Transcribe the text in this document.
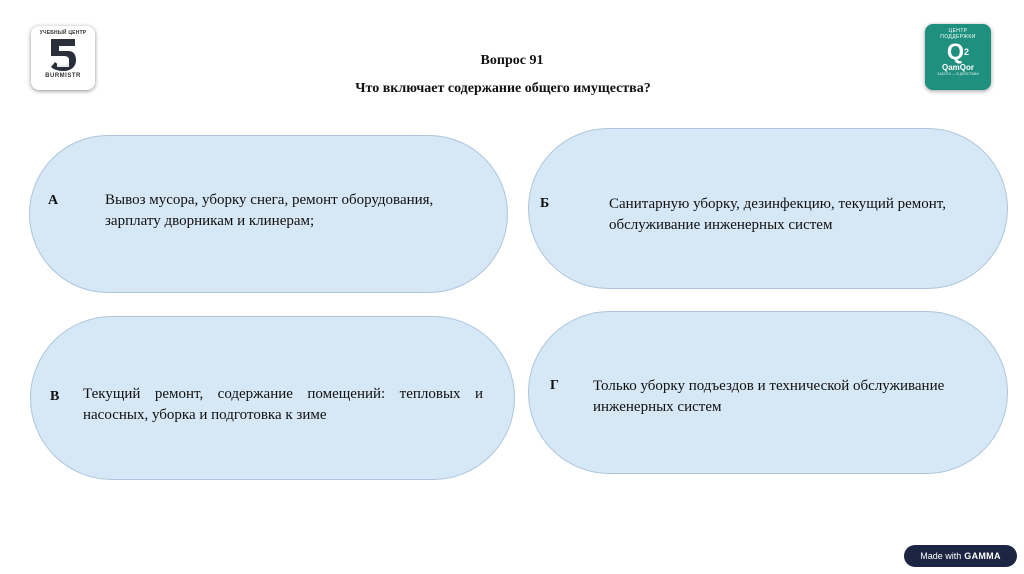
УЧЕБНЫЙ ЦЕНТР
BURMISTR
ЦЕНТР
ПОДДЕРЖКИ
$Q^2$
QamQor
ЗАБОТА — В ДЕЙСТВИИ
Вопрос 91
Что включает содержание общего имущества?
А	Вывоз мусора, уборку снега, ремонт оборудования, зарплату дворникам и клинерам;
Б	Санитарную уборку, дезинфекцию, текущий ремонт, обслуживание инженерных систем
В Текущий ремонт, содержание помещений: тепловых и насосных, уборка и подготовка к зиме
Г Только уборку подъездов и технической обслуживание инженерных систем
Made with GAMMA
